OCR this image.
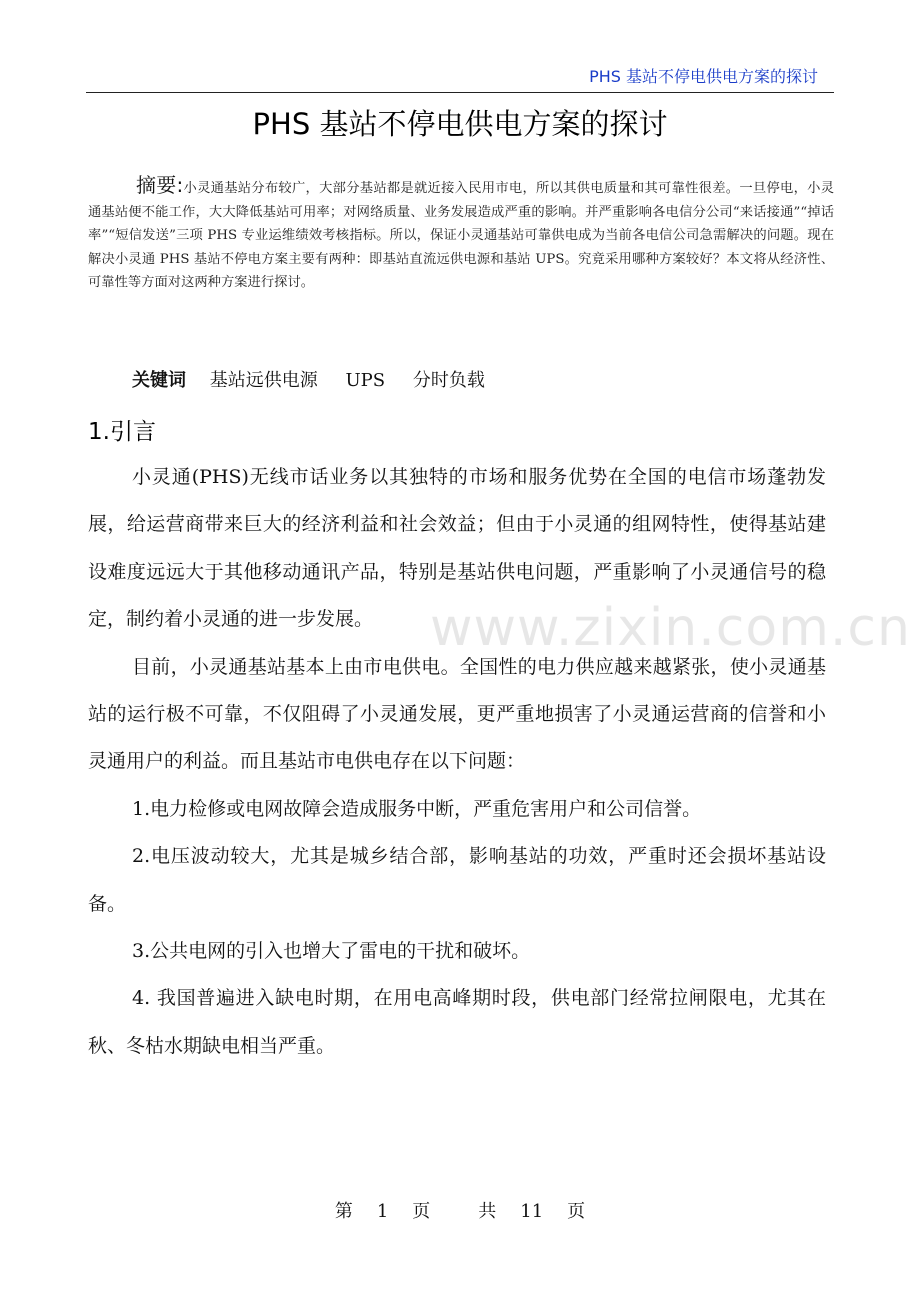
PHS 基站不停电供电方案的探讨
PHS 基站不停电供电方案的探讨
摘要:小灵通基站分布较广，大部分基站都是就近接入民用市电，所以其供电质量和其可靠性很差。一旦停电，小灵通基站便不能工作，大大降低基站可用率；对网络质量、业务发展造成严重的影响。并严重影响各电信分公司“来话接通”“掉话率”“短信发送”三项 PHS 专业运维绩效考核指标。所以，保证小灵通基站可靠供电成为当前各电信公司急需解决的问题。现在解决小灵通 PHS 基站不停电方案主要有两种：即基站直流远供电源和基站 UPS。究竟采用哪种方案较好？本文将从经济性、可靠性等方面对这两种方案进行探讨。
关键词 基站远供电源 UPS 分时负载
1.引言

小灵通(PHS)无线市话业务以其独特的市场和服务优势在全国的电信市场蓬勃发展，给运营商带来巨大的经济利益和社会效益；但由于小灵通的组网特性，使得基站建设难度远远大于其他移动通讯产品，特别是基站供电问题，严重影响了小灵通信号的稳定，制约着小灵通的进一步发展。

目前，小灵通基站基本上由市电供电。全国性的电力供应越来越紧张，使小灵通基站的运行极不可靠，不仅阻碍了小灵通发展，更严重地损害了小灵通运营商的信誉和小灵通用户的利益。而且基站市电供电存在以下问题：

1.电力检修或电网故障会造成服务中断，严重危害用户和公司信誉。

2.电压波动较大，尤其是城乡结合部，影响基站的功效，严重时还会损坏基站设备。

3.公共电网的引入也增大了雷电的干扰和破坏。

4. 我国普遍进入缺电时期，在用电高峰期时段，供电部门经常拉闸限电，尤其在秋、冬枯水期缺电相当严重。

www.zixin.com.cn
第 1 页	共 11 页
